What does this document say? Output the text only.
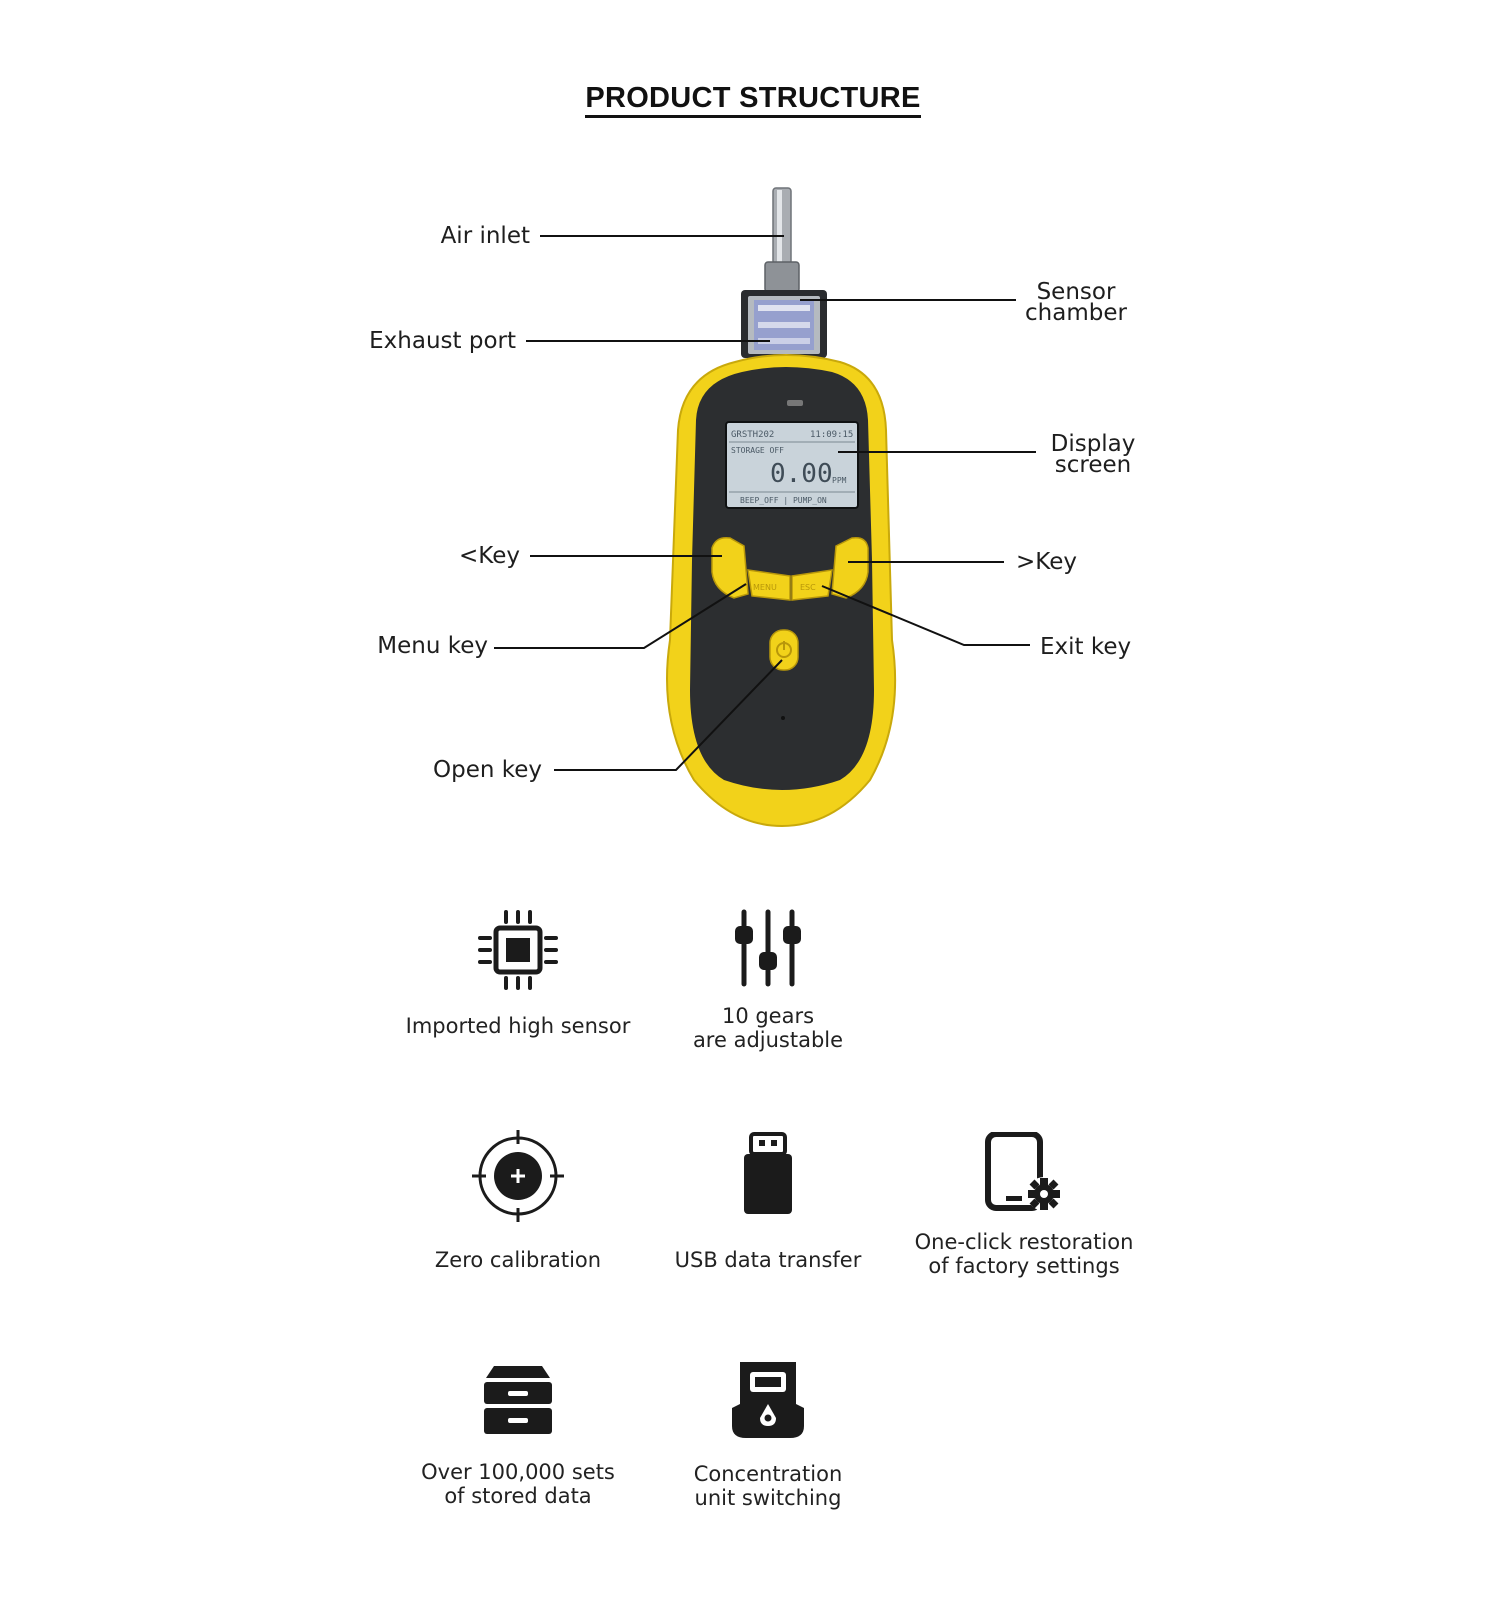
PRODUCT STRUCTURE
GRSTH202	11:09:15
STORAGE OFF
0.00 PPM
BEEP_OFF | PUMP_ON
MENU	ESC
Air inlet
Sensor
chamber
Exhaust port
Display
screen
<Key	>Key
Menu key	Exit key
Open key
Imported high sensor	10 gears
are adjustable
Zero calibration	USB data transfer
One-click restoration
of factory settings
Over 100,000 sets
of stored data
Concentration
unit switching
